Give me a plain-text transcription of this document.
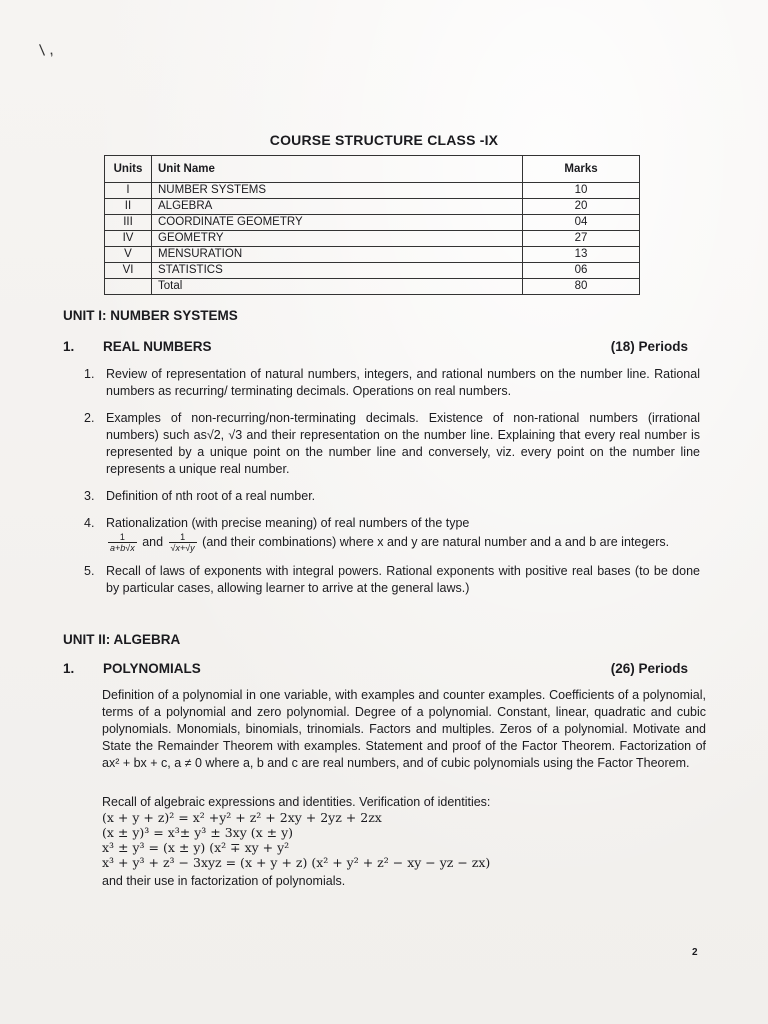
\ ,
COURSE STRUCTURE CLASS -IX
Units	Unit Name	Marks
I	NUMBER SYSTEMS	10
II	ALGEBRA	20
III	COORDINATE GEOMETRY	04
IV	GEOMETRY	27
V	MENSURATION	13
VI	STATISTICS	06
	Total	80
UNIT I: NUMBER SYSTEMS
1. REAL NUMBERS	(18) Periods
1. Review of representation of natural numbers, integers, and rational numbers on the number line. Rational numbers as recurring/ terminating decimals. Operations on real numbers.
2. Examples of non-recurring/non-terminating decimals. Existence of non-rational numbers (irrational numbers) such as√2, √3 and their representation on the number line. Explaining that every real number is represented by a unique point on the number line and conversely, viz. every point on the number line represents a unique real number.
3. Definition of nth root of a real number.
4. Rationalization (with precise meaning) of real numbers of the type

$\frac{1}{a+b√x}$ and $\frac{1}{√x+√y} (and$ their combinations) where x and y are natural number and a and b are integers.
5. Recall of laws of exponents with integral powers. Rational exponents with positive real bases (to be done by particular cases, allowing learner to arrive at the general laws.)
UNIT II: ALGEBRA
1. POLYNOMIALS	(26) Periods
Definition of a polynomial in one variable, with examples and counter examples. Coefficients of a polynomial, terms of a polynomial and zero polynomial. Degree of a polynomial. Constant, linear, quadratic and cubic polynomials. Monomials, binomials, trinomials. Factors and multiples. Zeros of a polynomial. Motivate and State the Remainder Theorem with examples. Statement and proof of the Factor Theorem. Factorization of ax² + bx + c, a ≠ 0 where a, b and c are real numbers, and of cubic polynomials using the Factor Theorem.
Recall of algebraic expressions and identities. Verification of identities:
(x + y + z)² = x² +y² + z² + 2xy + 2yz + 2zx
(x ± y)³ = x³± y³ ± 3xy (x ± y)
x³ ± y³ = (x ± y) (x² ∓ xy + y²
x³ + y³ + z³ − 3xyz = (x + y + z) (x² + y² + z² − xy − yz − zx)
and their use in factorization of polynomials.
2
